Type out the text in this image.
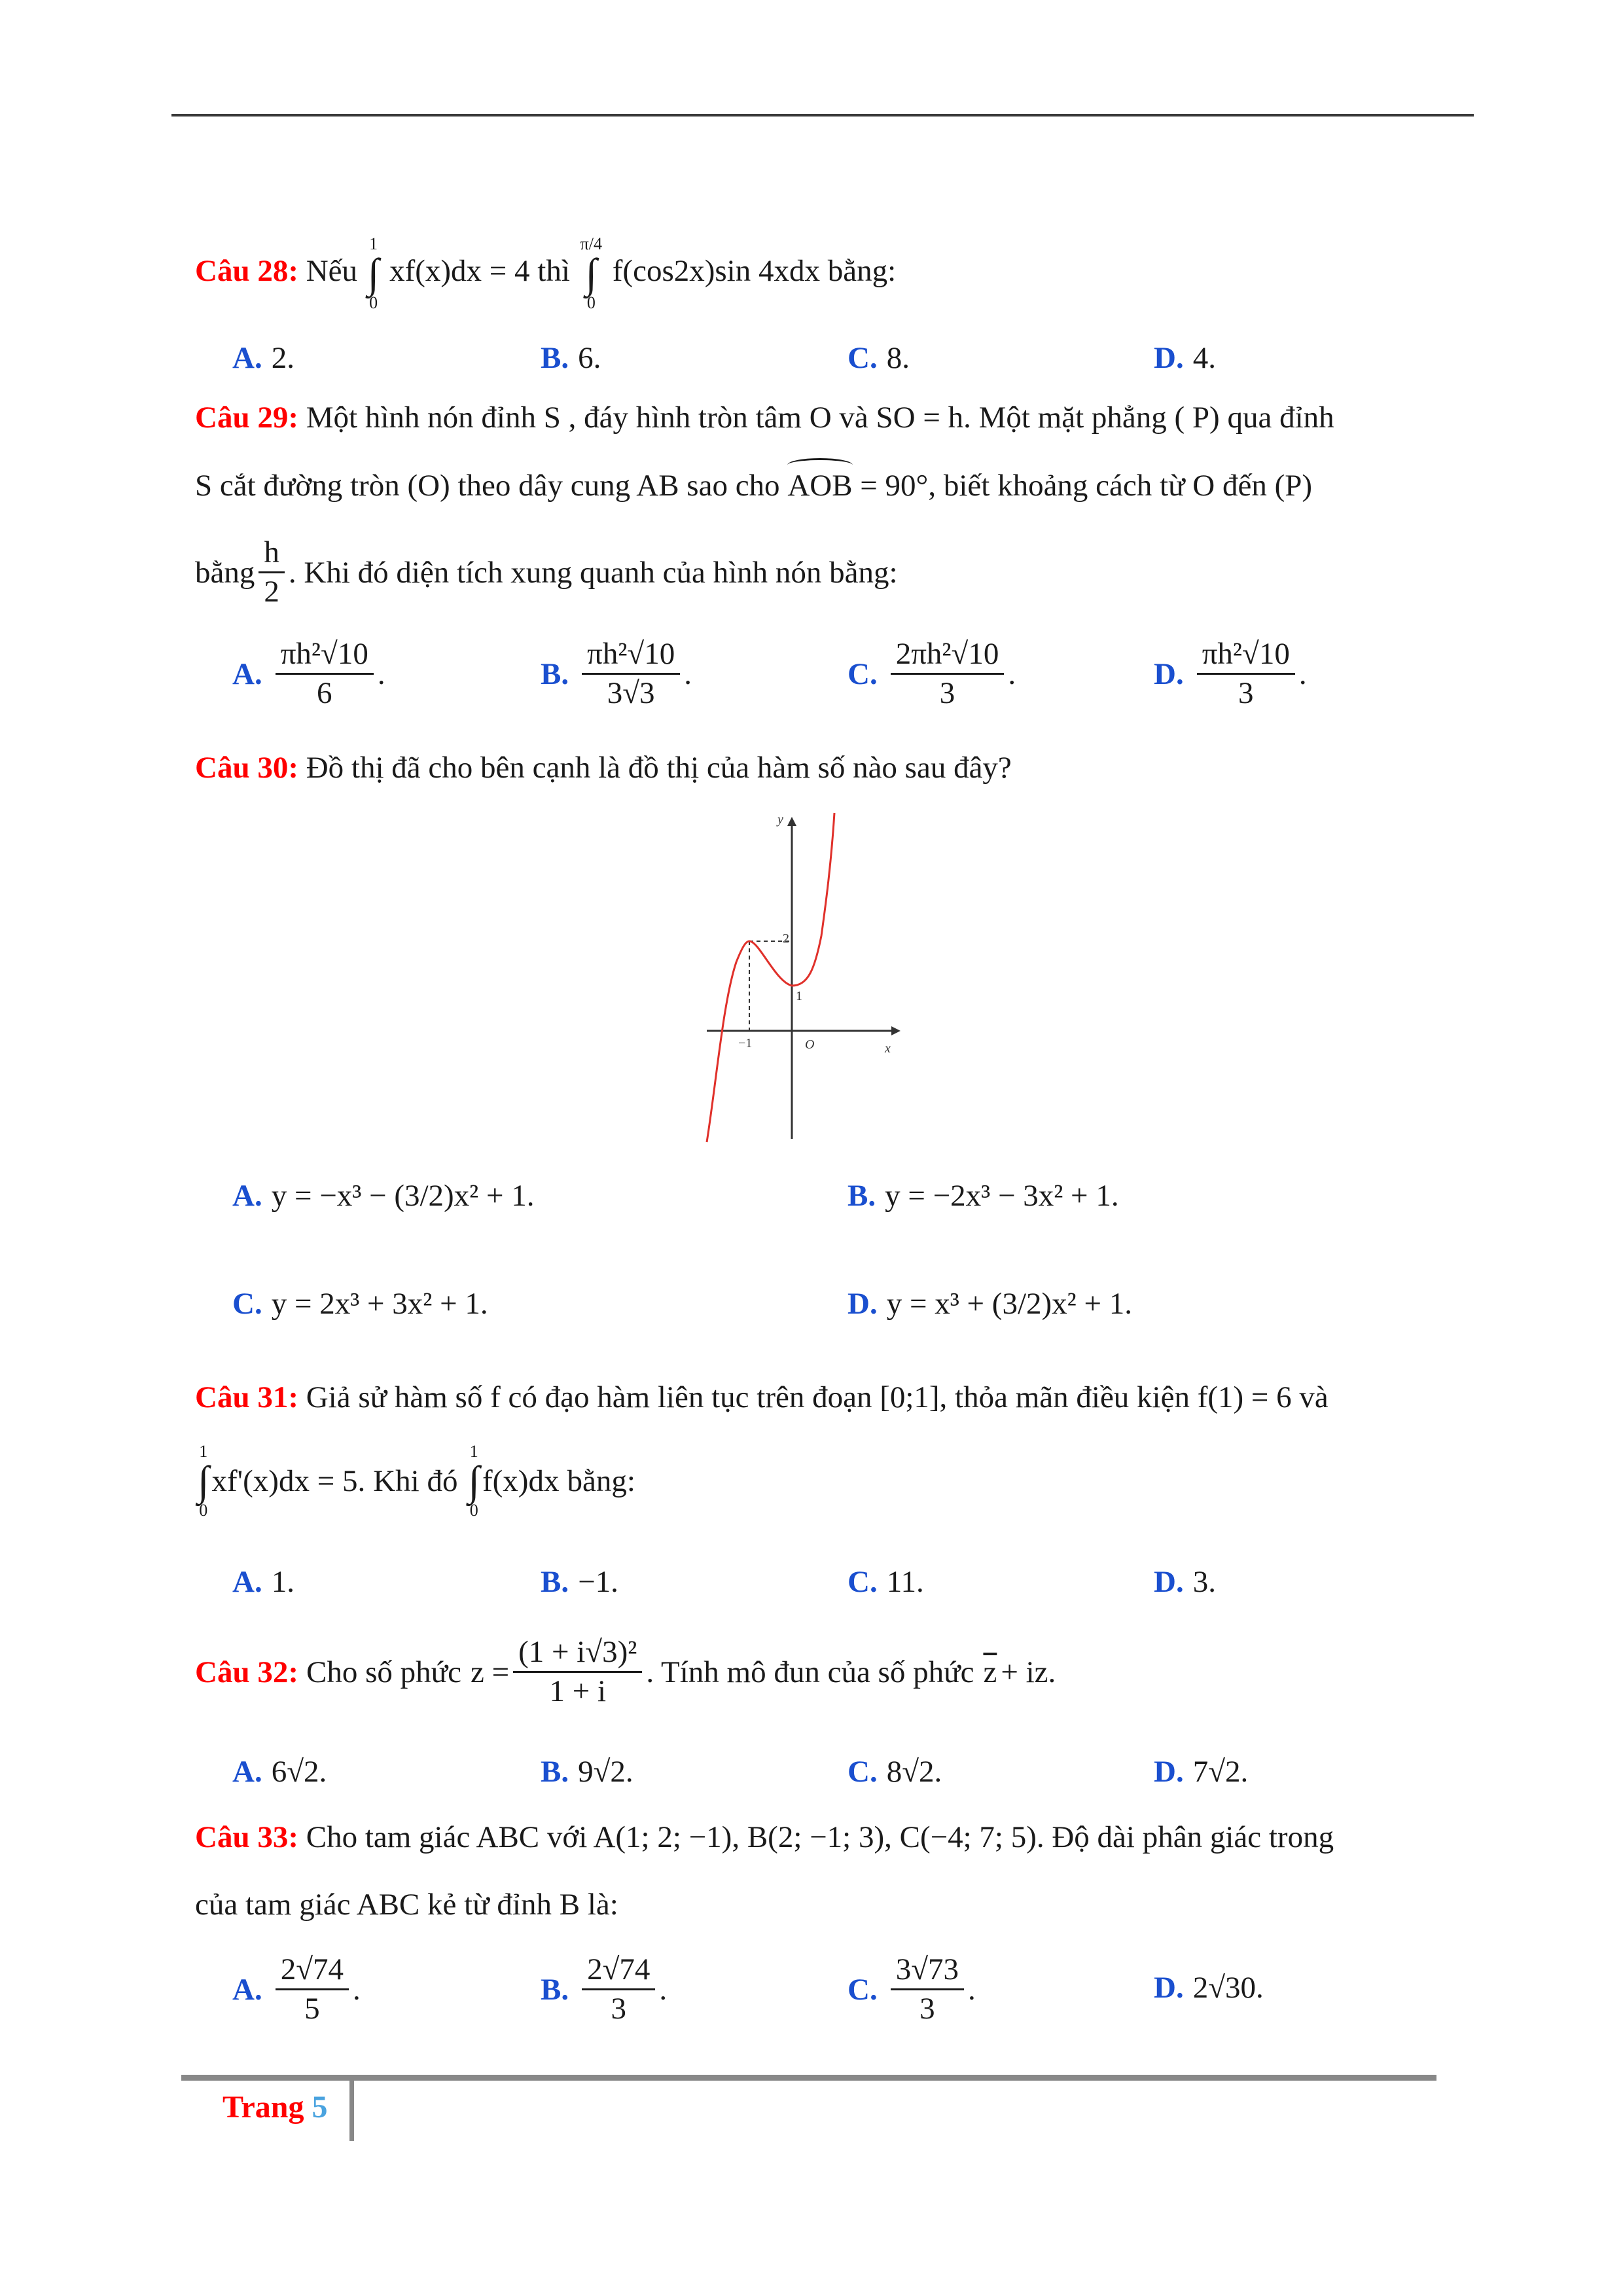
Câu 28: Nếu
1
∫
0
xf(x)dx = 4 thì
π/4
∫
0
f(cos2x)sin 4xdx bằng:
A. 2.	B. 6.	C. 8.	D. 4.
Câu 29: Một hình nón đỉnh S , đáy hình tròn tâm O và SO = h. Một mặt phẳng ( P) qua đỉnh
S cắt đường tròn (O) theo dây cung AB sao cho AOB = 90°, biết khoảng cách từ O đến (P)
bằng $\frac{h}{2}$ . Khi đó diện tích xung quanh của hình nón bằng:
A. $\frac{\text{πh²√10}}{6}$ .	B. $\frac{\text{πh²√10}}{3√3}$ .	C. $\frac{\text{2πh²√10}}{3}$ .	D. $\frac{\text{πh²√10}}{3}$ .
Câu 30: Đồ thị đã cho bên cạnh là đồ thị của hàm số nào sau đây?
y
x
O
−1
2
1
A. y = −x³ − (3/2)x² + 1.	B. y = −2x³ − 3x² + 1.
C. y = 2x³ + 3x² + 1.	D. y = x³ + (3/2)x² + 1.
Câu 31: Giả sử hàm số f có đạo hàm liên tục trên đoạn [0;1], thỏa mãn điều kiện f(1) = 6 và
1
∫
0
xf'(x)dx = 5. Khi đó
1
∫
0
f(x)dx bằng:
A. 1.	B. −1.	C. 11.	D. 3.
Câu 32: Cho số phức $z = \frac{\text{(1 + i√3)²}}{1 + i}$ . Tính mô đun của số phức $\overline{z}$ + iz.
A. 6√2.	B. 9√2.	C. 8√2.	D. 7√2.
Câu 33: Cho tam giác ABC với A(1; 2; −1), B(2; −1; 3), C(−4; 7; 5). Độ dài phân giác trong
của tam giác ABC kẻ từ đỉnh B là:
A. $\frac{2√74}{5}$ .	B. $\frac{2√74}{3}$ .	C. $\frac{3√73}{3}$ .	D. 2√30.
Trang 5
